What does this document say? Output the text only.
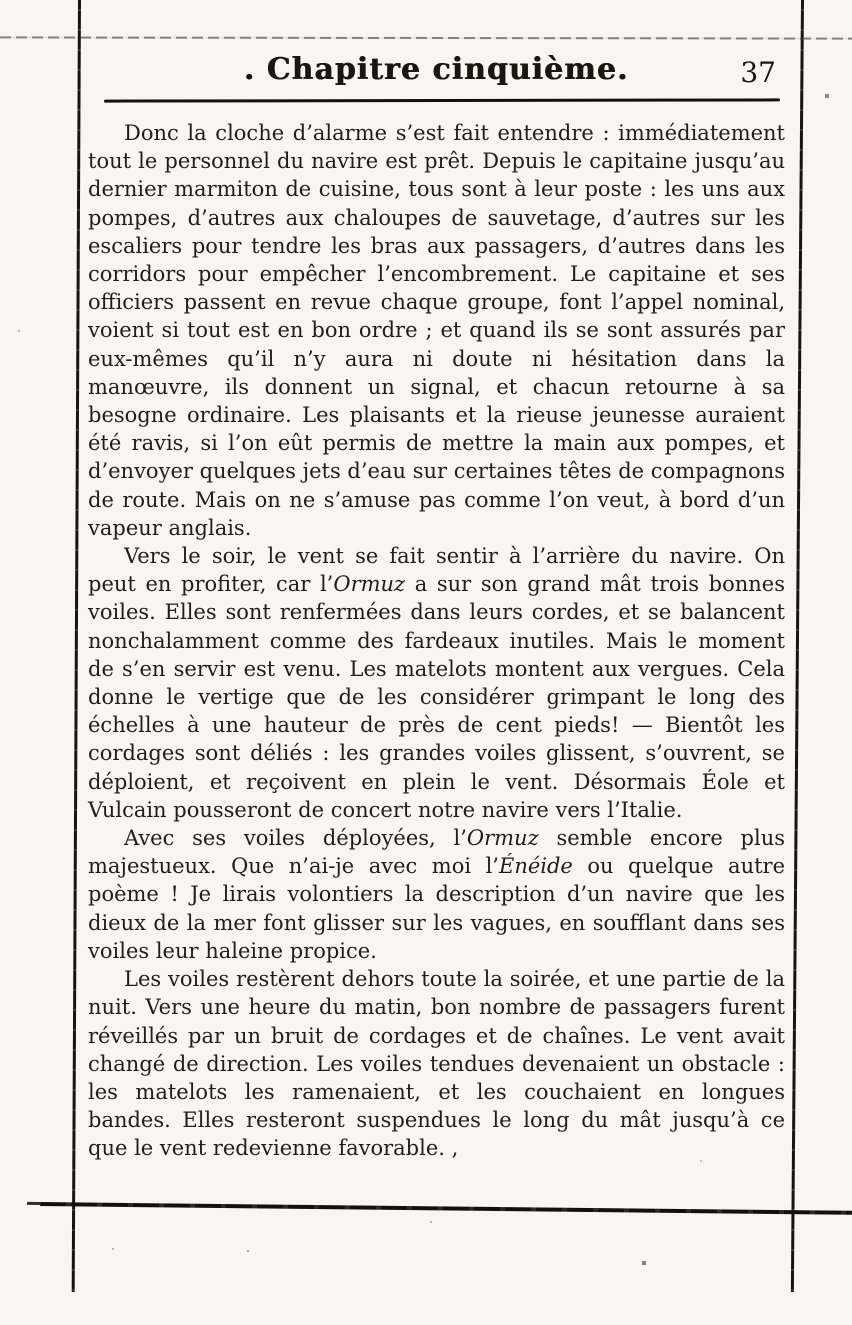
. Chapitre cinquième.	37

Donc la cloche d’alarme s’est fait entendre : immédiatement tout le personnel du navire est prêt. Depuis le capitaine jusqu’au dernier marmiton de cuisine, tous sont à leur poste : les uns aux pompes, d’autres aux chaloupes de sauvetage, d’autres sur les escaliers pour tendre les bras aux passagers, d’autres dans les corridors pour empêcher l’encombrement. Le capitaine et ses officiers passent en revue chaque groupe, font l’appel nominal, voient si tout est en bon ordre ; et quand ils se sont assurés par eux-mêmes qu’il n’y aura ni doute ni hésitation dans la manœuvre, ils donnent un signal, et chacun retourne à sa besogne ordinaire. Les plaisants et la rieuse jeunesse auraient été ravis, si l’on eût permis de mettre la main aux pompes, et d’envoyer quelques jets d’eau sur certaines têtes de compagnons de route. Mais on ne s’amuse pas comme l’on veut, à bord d’un vapeur anglais.

Vers le soir, le vent se fait sentir à l’arrière du navire. On peut en profiter, car l’Ormuz a sur son grand mât trois bonnes voiles. Elles sont renfermées dans leurs cordes, et se balancent nonchalamment comme des fardeaux inutiles. Mais le moment de s’en servir est venu. Les matelots montent aux vergues. Cela donne le vertige que de les considérer grimpant le long des échelles à une hauteur de près de cent pieds! — Bientôt les cordages sont déliés : les grandes voiles glissent, s’ouvrent, se déploient, et reçoivent en plein le vent. Désormais Éole et Vulcain pousseront de concert notre navire vers l’Italie.

Avec ses voiles déployées, l’Ormuz semble encore plus majestueux. Que n’ai-je avec moi l’Énéide ou quelque autre poème ! Je lirais volontiers la description d’un navire que les dieux de la mer font glisser sur les vagues, en soufflant dans ses voiles leur haleine propice.

Les voiles restèrent dehors toute la soirée, et une partie de la nuit. Vers une heure du matin, bon nombre de passagers furent réveillés par un bruit de cordages et de chaînes. Le vent avait changé de direction. Les voiles tendues devenaient un obstacle : les matelots les ramenaient, et les couchaient en longues bandes. Elles resteront suspendues le long du mât jusqu’à ce que le vent redevienne favorable. ,
